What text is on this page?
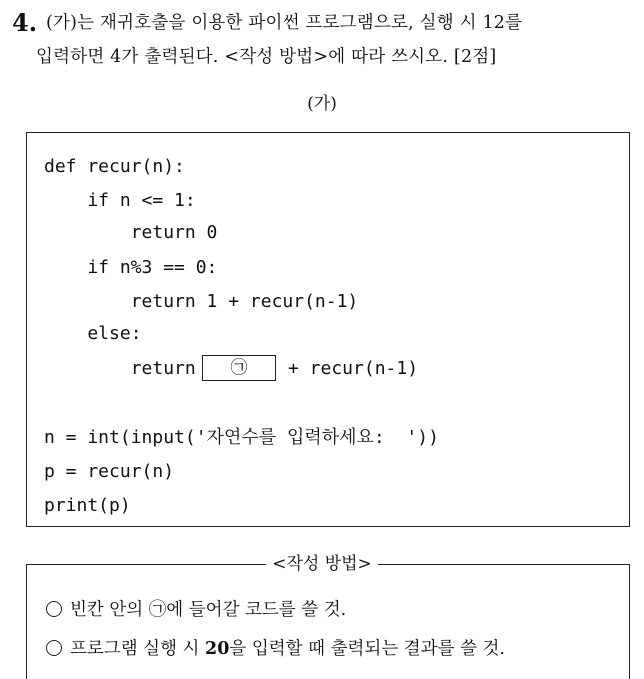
4. (가)는 재귀호출을 이용한 파이썬 프로그램으로, 실행 시 12를
입력하면 4가 출력된다. <작성 방법>에 따라 쓰시오. [2점]
(가)
def recur(n):
if n <= 1:
return 0
if n%3 == 0:
return 1 + recur(n-1)
else:
return	㉠	+ recur(n-1)
n = int(input('자연수를 입력하세요:  '))
p = recur(n)
print(p)
<작성 방법>
빈칸 안의 ㉠에 들어갈 코드를 쓸 것.
프로그램 실행 시 20을 입력할 때 출력되는 결과를 쓸 것.
